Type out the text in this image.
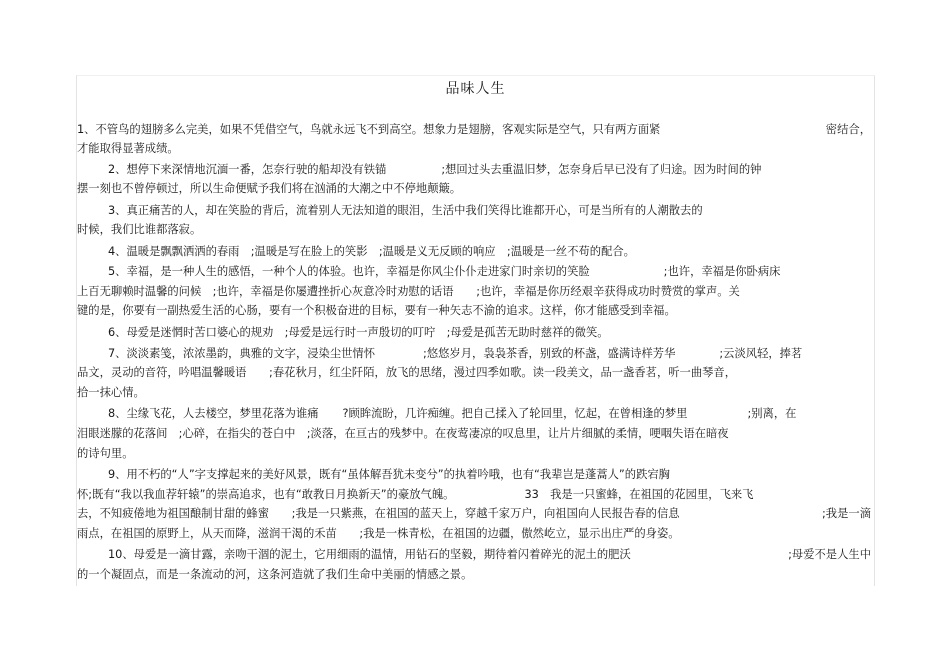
品味人生
1、不管鸟的翅膀多么完美，如果不凭借空气，鸟就永远飞不到高空。想象力是翅膀，客观实际是空气，只有两方面紧	密结合，
才能取得显著成绩。
2、想停下来深情地沉湎一番，怎奈行驶的船却没有铁锚	;想回过头去重温旧梦，怎奈身后早已没有了归途。因为时间的钟
摆一刻也不曾停顿过，所以生命便赋予我们将在汹涌的大潮之中不停地颠簸。
3、真正痛苦的人，却在笑脸的背后，流着别人无法知道的眼泪，生活中我们笑得比谁都开心，可是当所有的人潮散去的
时候，我们比谁都落寂。
4、温暖是飘飘洒洒的春雨　;温暖是写在脸上的笑影　;温暖是义无反顾的响应　;温暖是一丝不苟的配合。
5、幸福，是一种人生的感悟，一种个人的体验。也许，幸福是你风尘仆仆走进家门时亲切的笑脸	;也许，幸福是你卧病床
上百无聊赖时温馨的问候　;也许，幸福是你屡遭挫折心灰意冷时劝慰的话语　　;也许，幸福是你历经艰辛获得成功时赞赏的掌声。关
键的是，你要有一副热爱生活的心肠，要有一个积极奋进的目标，要有一种矢志不渝的追求。这样，你才能感受到幸福。
6、母爱是迷惘时苦口婆心的规劝　;母爱是远行时一声殷切的叮咛　;母爱是孤苦无助时慈祥的微笑。
7、淡淡素笺，浓浓墨韵，典雅的文字，浸染尘世情怀	;悠悠岁月，袅袅茶香，别致的杯盏，盛满诗样芳华	;云淡风轻，捧茗
品文，灵动的音符，吟唱温馨暖语　　;春花秋月，红尘阡陌，放飞的思绪，漫过四季如歌。读一段美文，品一盏香茗，听一曲琴音，
拾一抹心情。
8、尘缘飞花，人去楼空，梦里花落为谁痛 ?顾眸流盼，几许痴缠。把自己揉入了轮回里，忆起，在曾相逢的梦里	;别离，在
泪眼迷朦的花落间　;心碎，在指尖的苍白中　;淡落，在亘古的残梦中。在夜莺凄凉的叹息里，让片片细腻的柔情，哽咽失语在暗夜
的诗句里。
9、用不朽的“人”字支撑起来的美好风景，既有“虽体解吾犹未变兮”的执着吟哦，也有“我辈岂是蓬蒿人”的跌宕胸
怀;既有“我以我血荐轩辕”的崇高追求，也有“敢教日月换新天”的豪放气魄。	33　我是一只蜜蜂，在祖国的花园里，飞来飞
去，不知疲倦地为祖国酿制甘甜的蜂蜜　　;我是一只紫燕，在祖国的蓝天上，穿越千家万户，向祖国向人民报告春的信息	;我是一滴
雨点，在祖国的原野上，从天而降，滋润干渴的禾苗　　;我是一株青松，在祖国的边疆，傲然屹立，显示出庄严的身姿。
10、母爱是一滴甘露，亲吻干涸的泥土，它用细雨的温情，用钻石的坚毅，期待着闪着碎光的泥土的肥沃	;母爱不是人生中
的一个凝固点，而是一条流动的河，这条河造就了我们生命中美丽的情感之景。
